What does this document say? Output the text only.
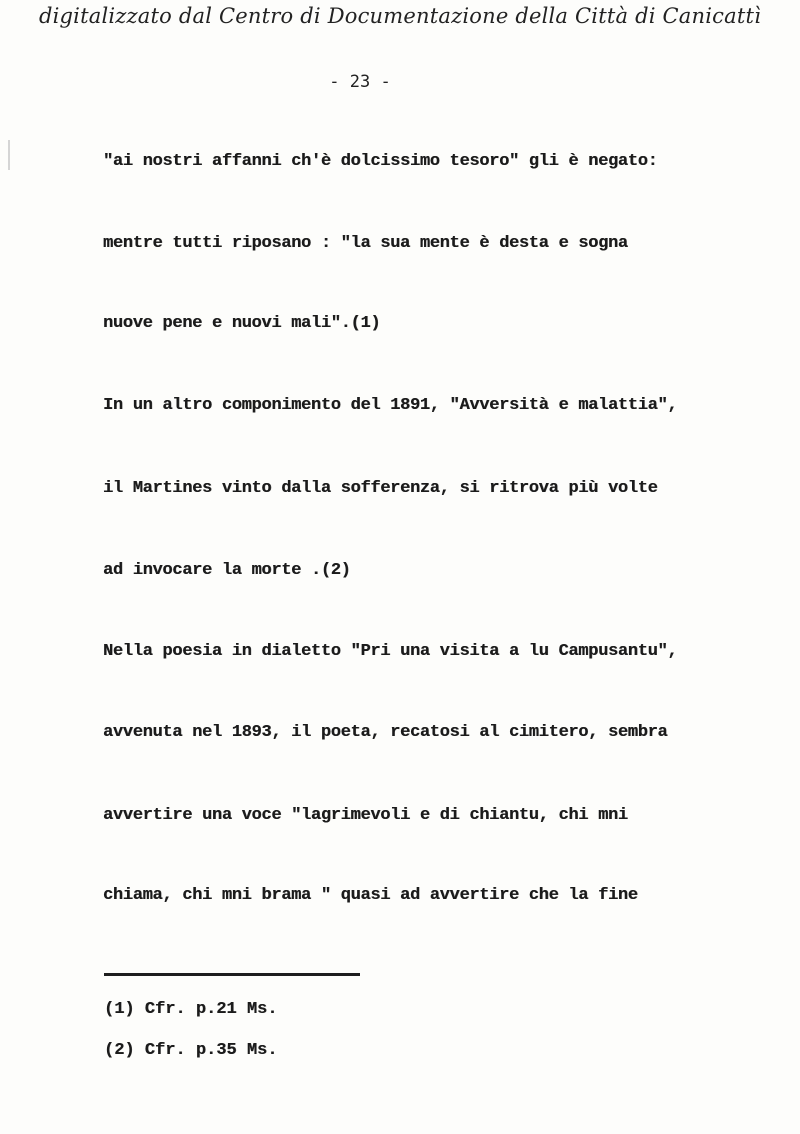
digitalizzato dal Centro di Documentazione della Città di Canicattì
- 23 -
"ai nostri affanni ch'è dolcissimo tesoro" gli è negato:
mentre tutti riposano : "la sua mente è desta e sogna
nuove pene e nuovi mali".(1)
In un altro componimento del 1891, "Avversità e malattia",
il Martines vinto dalla sofferenza, si ritrova più volte
ad invocare la morte .(2)
Nella poesia in dialetto "Pri una visita a lu Campusantu",
avvenuta nel 1893, il poeta, recatosi al cimitero, sembra
avvertire una voce "lagrimevoli e di chiantu, chi mni
chiama, chi mni brama " quasi ad avvertire che la fine
(1) Cfr. p.21 Ms.
(2) Cfr. p.35 Ms.
